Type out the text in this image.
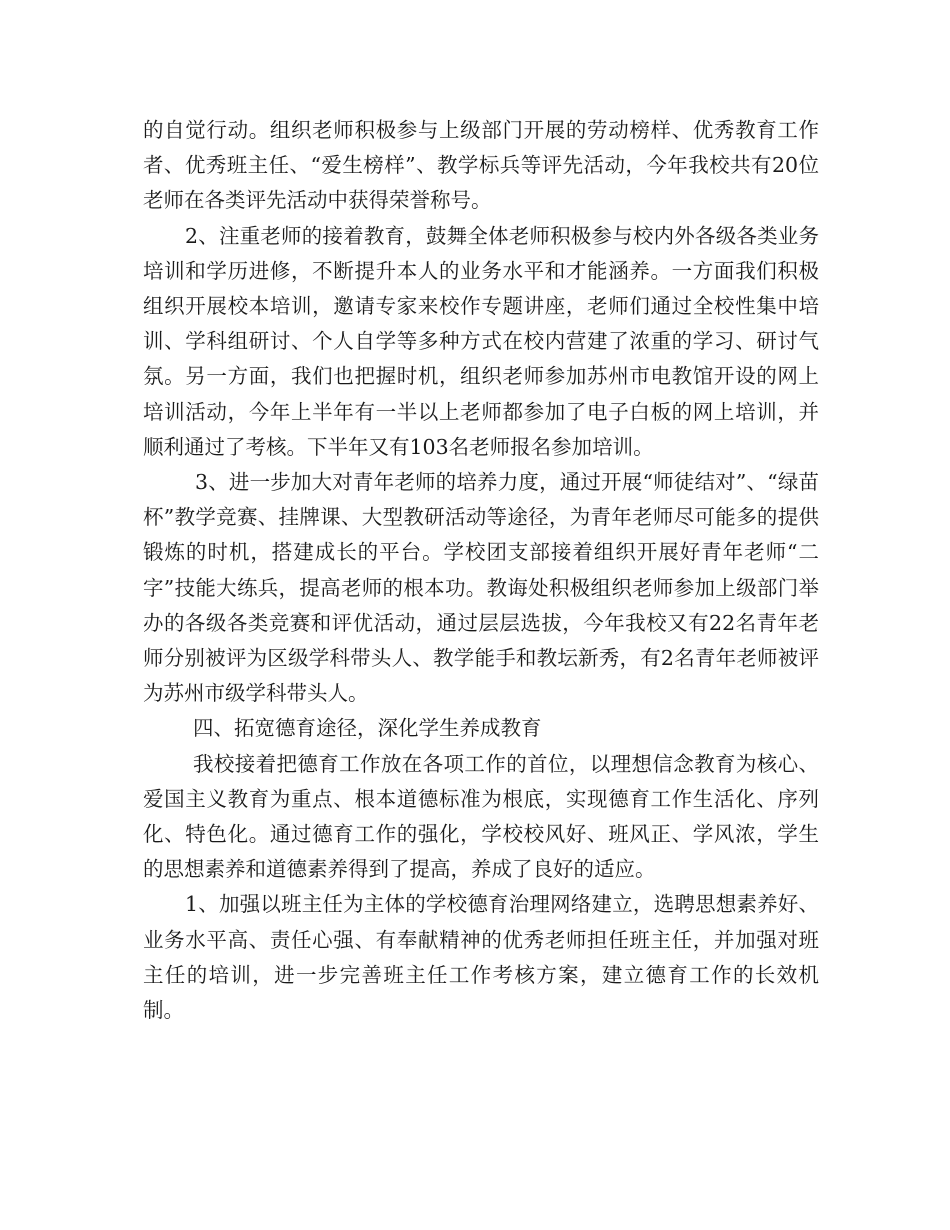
的自觉行动。组织老师积极参与上级部门开展的劳动榜样、优秀教育工作者、优秀班主任、“爱生榜样”、教学标兵等评先活动，今年我校共有20位老师在各类评先活动中获得荣誉称号。

2、注重老师的接着教育，鼓舞全体老师积极参与校内外各级各类业务培训和学历进修，不断提升本人的业务水平和才能涵养。一方面我们积极组织开展校本培训，邀请专家来校作专题讲座，老师们通过全校性集中培训、学科组研讨、个人自学等多种方式在校内营建了浓重的学习、研讨气氛。另一方面，我们也把握时机，组织老师参加苏州市电教馆开设的网上培训活动，今年上半年有一半以上老师都参加了电子白板的网上培训，并顺利通过了考核。下半年又有103名老师报名参加培训。

3、进一步加大对青年老师的培养力度，通过开展“师徒结对”、“绿苗杯”教学竞赛、挂牌课、大型教研活动等途径，为青年老师尽可能多的提供锻炼的时机，搭建成长的平台。学校团支部接着组织开展好青年老师“二字”技能大练兵，提高老师的根本功。教诲处积极组织老师参加上级部门举办的各级各类竞赛和评优活动，通过层层选拔，今年我校又有22名青年老师分别被评为区级学科带头人、教学能手和教坛新秀，有2名青年老师被评为苏州市级学科带头人。

四、拓宽德育途径，深化学生养成教育

我校接着把德育工作放在各项工作的首位，以理想信念教育为核心、爱国主义教育为重点、根本道德标准为根底，实现德育工作生活化、序列化、特色化。通过德育工作的强化，学校校风好、班风正、学风浓，学生的思想素养和道德素养得到了提高，养成了良好的适应。

1、加强以班主任为主体的学校德育治理网络建立，选聘思想素养好、业务水平高、责任心强、有奉献精神的优秀老师担任班主任，并加强对班主任的培训，进一步完善班主任工作考核方案，建立德育工作的长效机制。
